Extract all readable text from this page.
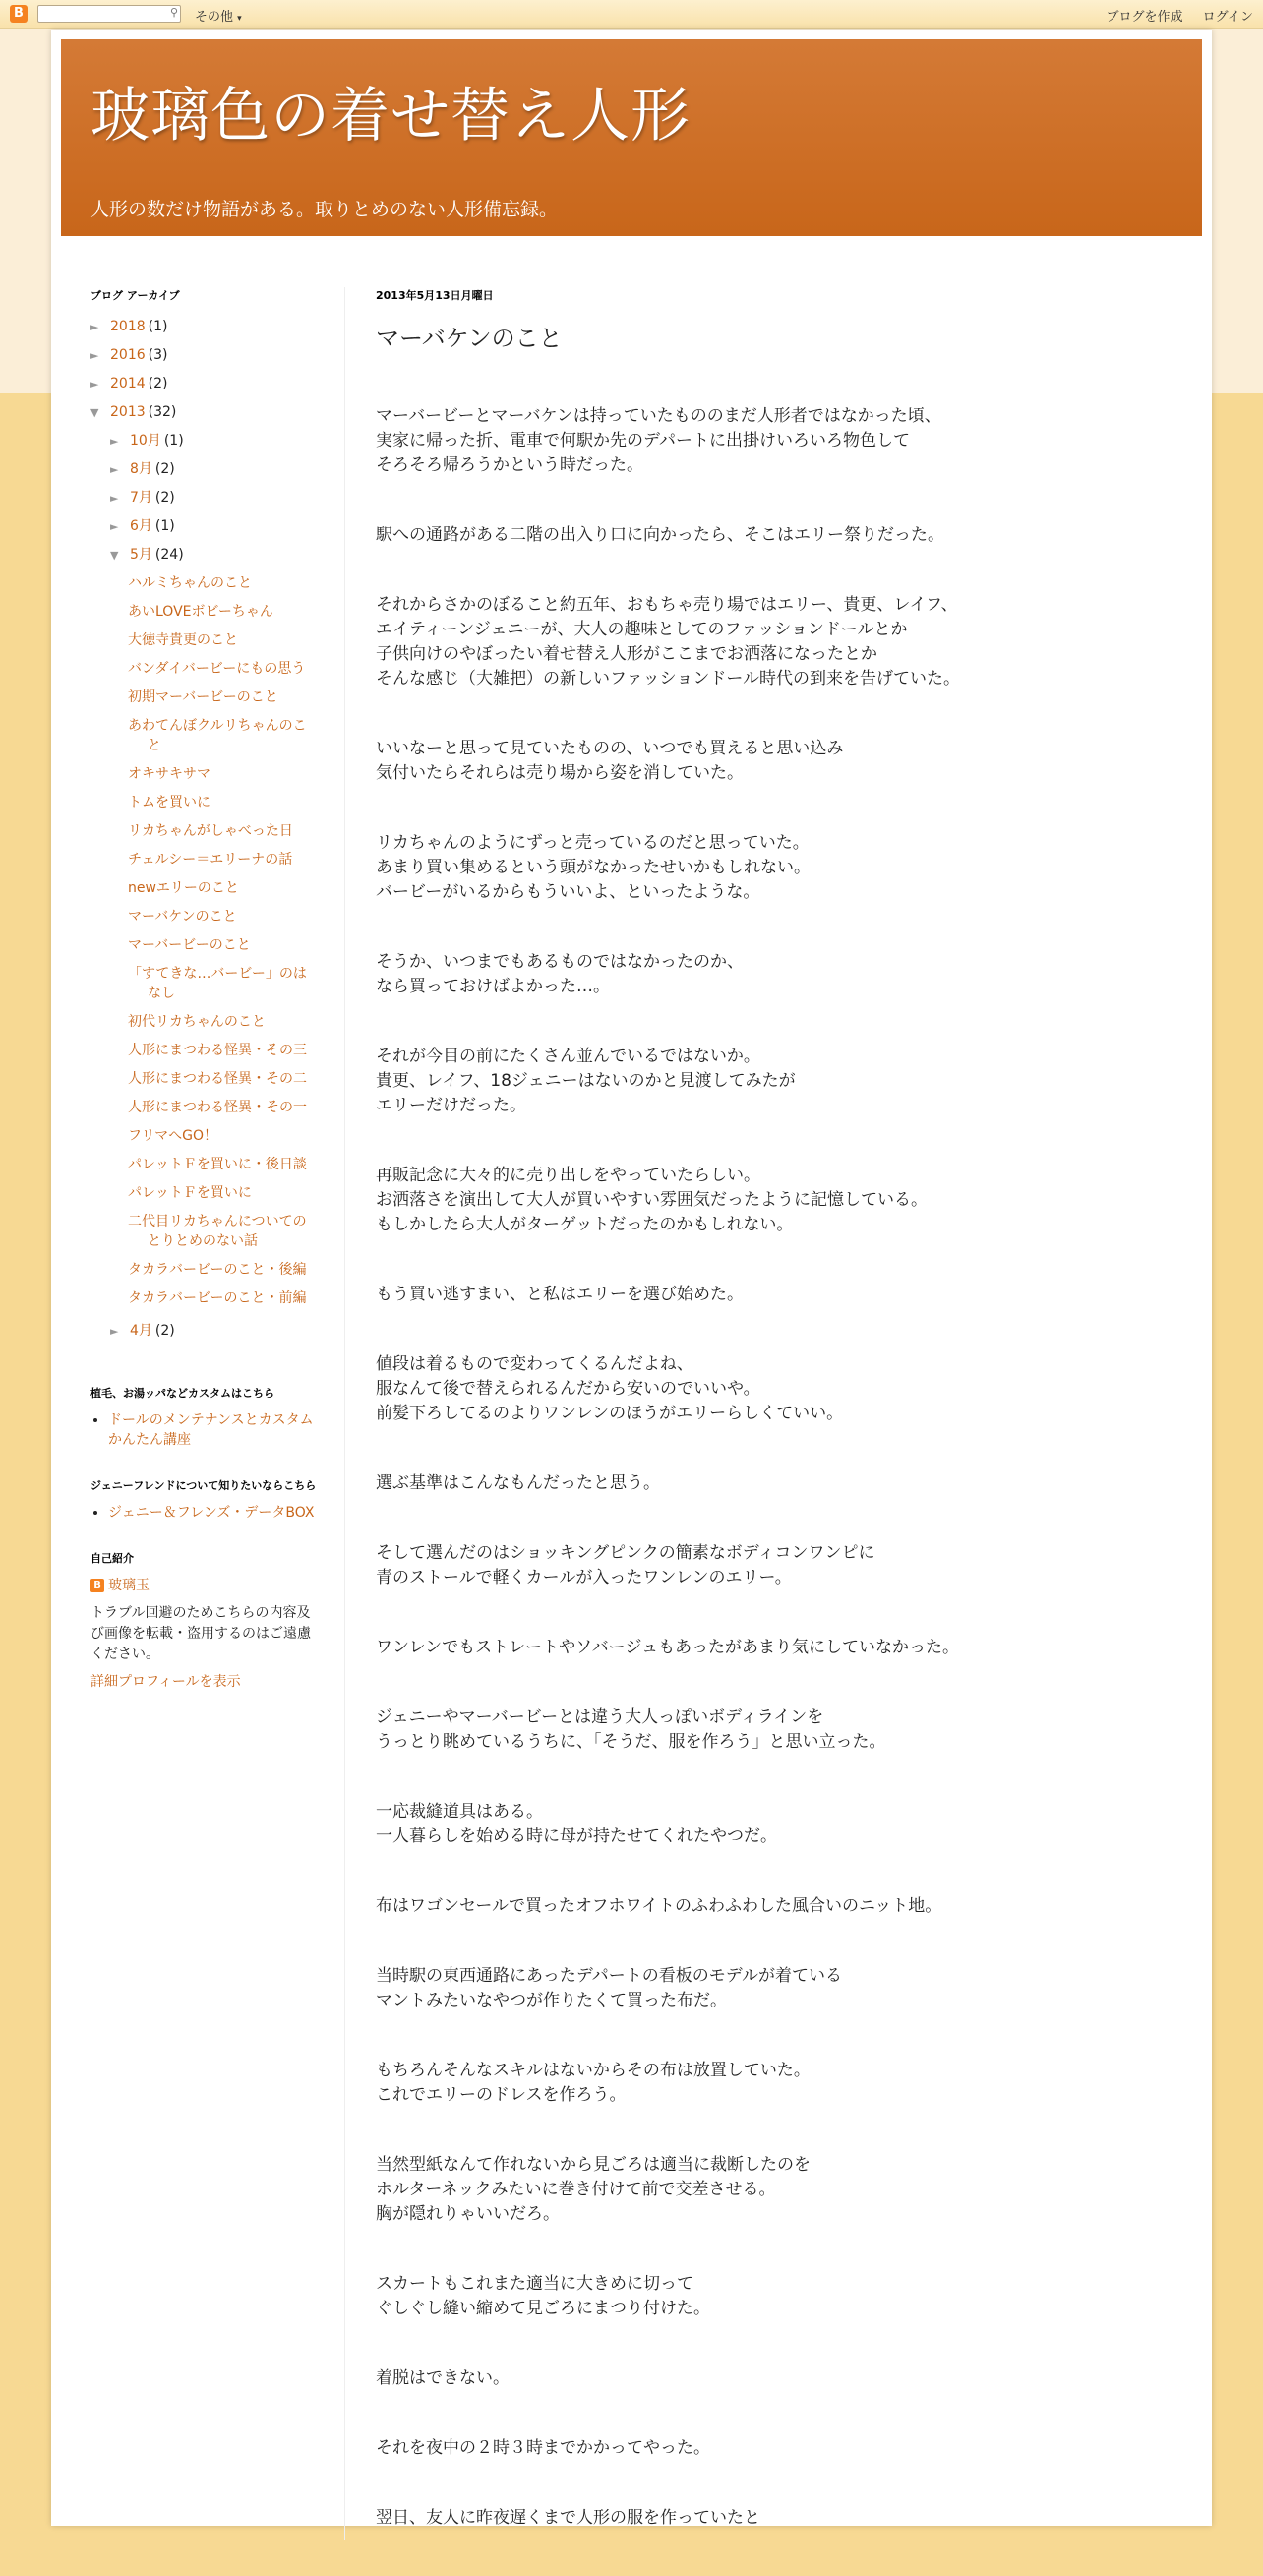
B	⚲ その他 ▾	ブログを作成 ログイン
玻璃色の着せ替え人形
人形の数だけ物語がある。取りとめのない人形備忘録。
ブログ アーカイブ
► 2018 (1)
► 2016 (3)
► 2014 (2)
▼ 2013 (32)
► 10月 (1)
► 8月 (2)
► 7月 (2)
► 6月 (1)
▼ 5月 (24)
ハルミちゃんのこと
あいLOVEボビーちゃん
大徳寺貴更のこと
バンダイバービーにもの思う
初期マーバービーのこと
あわてんぼクルリちゃんのこと
オキサキサマ
トムを買いに
リカちゃんがしゃべった日
チェルシー＝エリーナの話
newエリーのこと
マーバケンのこと
マーバービーのこと
「すてきな…バービー」のはなし
初代リカちゃんのこと
人形にまつわる怪異・その三
人形にまつわる怪異・その二
人形にまつわる怪異・その一
フリマへGO！
パレットＦを買いに・後日談
パレットＦを買いに
二代目リカちゃんについてのとりとめのない話
タカラバービーのこと・後編
タカラバービーのこと・前編
► 4月 (2)
植毛、お湯ッパなどカスタムはこちら
• ドールのメンテナンスとカスタム
かんたん講座
ジェニーフレンドについて知りたいならこちら
• ジェニー＆フレンズ・データBOX
自己紹介
B 玻璃玉
トラブル回避のためこちらの内容及び画像を転載・盗用するのはご遠慮ください。
詳細プロフィールを表示
2013年5月13日月曜日
マーバケンのこと
マーバービーとマーバケンは持っていたもののまだ人形者ではなかった頃、
実家に帰った折、電車で何駅か先のデパートに出掛けいろいろ物色して
そろそろ帰ろうかという時だった。
駅への通路がある二階の出入り口に向かったら、そこはエリー祭りだった。
それからさかのぼること約五年、おもちゃ売り場ではエリー、貴更、レイフ、
エイティーンジェニーが、大人の趣味としてのファッションドールとか
子供向けのやぼったい着せ替え人形がここまでお洒落になったとか
そんな感じ（大雑把）の新しいファッションドール時代の到来を告げていた。
いいなーと思って見ていたものの、いつでも買えると思い込み
気付いたらそれらは売り場から姿を消していた。
リカちゃんのようにずっと売っているのだと思っていた。
あまり買い集めるという頭がなかったせいかもしれない。
バービーがいるからもういいよ、といったような。
そうか、いつまでもあるものではなかったのか、
なら買っておけばよかった…。
それが今目の前にたくさん並んでいるではないか。
貴更、レイフ、18ジェニーはないのかと見渡してみたが
エリーだけだった。
再販記念に大々的に売り出しをやっていたらしい。
お洒落さを演出して大人が買いやすい雰囲気だったように記憶している。
もしかしたら大人がターゲットだったのかもしれない。
もう買い逃すまい、と私はエリーを選び始めた。
値段は着るもので変わってくるんだよね、
服なんて後で替えられるんだから安いのでいいや。
前髪下ろしてるのよりワンレンのほうがエリーらしくていい。
選ぶ基準はこんなもんだったと思う。
そして選んだのはショッキングピンクの簡素なボディコンワンピに
青のストールで軽くカールが入ったワンレンのエリー。
ワンレンでもストレートやソバージュもあったがあまり気にしていなかった。
ジェニーやマーバービーとは違う大人っぽいボディラインを
うっとり眺めているうちに、「そうだ、服を作ろう」と思い立った。
一応裁縫道具はある。
一人暮らしを始める時に母が持たせてくれたやつだ。
布はワゴンセールで買ったオフホワイトのふわふわした風合いのニット地。
当時駅の東西通路にあったデパートの看板のモデルが着ている
マントみたいなやつが作りたくて買った布だ。
もちろんそんなスキルはないからその布は放置していた。
これでエリーのドレスを作ろう。
当然型紙なんて作れないから見ごろは適当に裁断したのを
ホルターネックみたいに巻き付けて前で交差させる。
胸が隠れりゃいいだろ。
スカートもこれまた適当に大きめに切って
ぐしぐし縫い縮めて見ごろにまつり付けた。
着脱はできない。
それを夜中の２時３時までかかってやった。
翌日、友人に昨夜遅くまで人形の服を作っていたと
